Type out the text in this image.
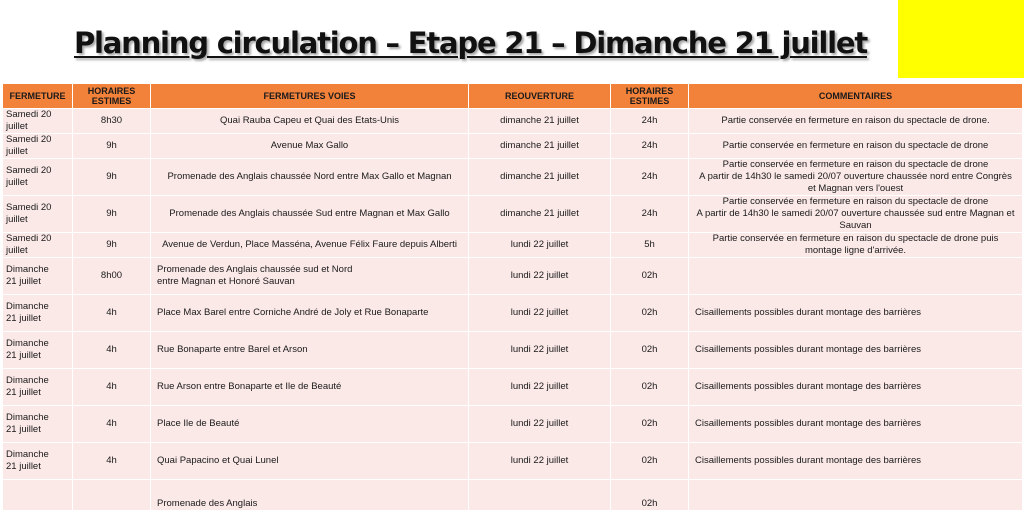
Planning circulation – Etape 21 – Dimanche 21 juillet
FERMETURE	HORAIRES
ESTIMES	FERMETURES VOIES	REOUVERTURE	HORAIRES
ESTIMES	COMMENTAIRES

Samedi 20
juillet	8h30	Quai Rauba Capeu et Quai des Etats-Unis	dimanche 21 juillet	24h	Partie conservée en fermeture en raison du spectacle de drone.

Samedi 20
juillet	9h	Avenue Max Gallo	dimanche 21 juillet	24h	Partie conservée en fermeture en raison du spectacle de drone

Samedi 20
juillet	9h	Promenade des Anglais chaussée Nord entre Max Gallo et Magnan	dimanche 21 juillet	24h	Partie conservée en fermeture en raison du spectacle de drone
A partir de 14h30 le samedi 20/07 ouverture chaussée nord entre Congrès
et Magnan vers l'ouest

Samedi 20
juillet	9h	Promenade des Anglais chaussée Sud entre Magnan et Max Gallo	dimanche 21 juillet	24h	Partie conservée en fermeture en raison du spectacle de drone
A partir de 14h30 le samedi 20/07 ouverture chaussée sud entre Magnan et
Sauvan

Samedi 20
juillet	9h	Avenue de Verdun, Place Masséna, Avenue Félix Faure depuis Alberti	lundi 22 juillet	5h	Partie conservée en fermeture en raison du spectacle de drone puis
montage ligne d'arrivée.

Dimanche
21 juillet	8h00	Promenade des Anglais chaussée sud et Nord
entre Magnan et Honoré Sauvan	lundi 22 juillet	02h	

Dimanche
21 juillet	4h	Place Max Barel entre Corniche André de Joly et Rue Bonaparte	lundi 22 juillet	02h	Cisaillements possibles durant montage des barrières

Dimanche
21 juillet	4h	Rue Bonaparte entre Barel et Arson	lundi 22 juillet	02h	Cisaillements possibles durant montage des barrières

Dimanche
21 juillet	4h	Rue Arson entre Bonaparte et Ile de Beauté	lundi 22 juillet	02h	Cisaillements possibles durant montage des barrières

Dimanche
21 juillet	4h	Place Ile de Beauté	lundi 22 juillet	02h	Cisaillements possibles durant montage des barrières

Dimanche
21 juillet	4h	Quai Papacino et Quai Lunel	lundi 22 juillet	02h	Cisaillements possibles durant montage des barrières

		Promenade des Anglais		02h	
